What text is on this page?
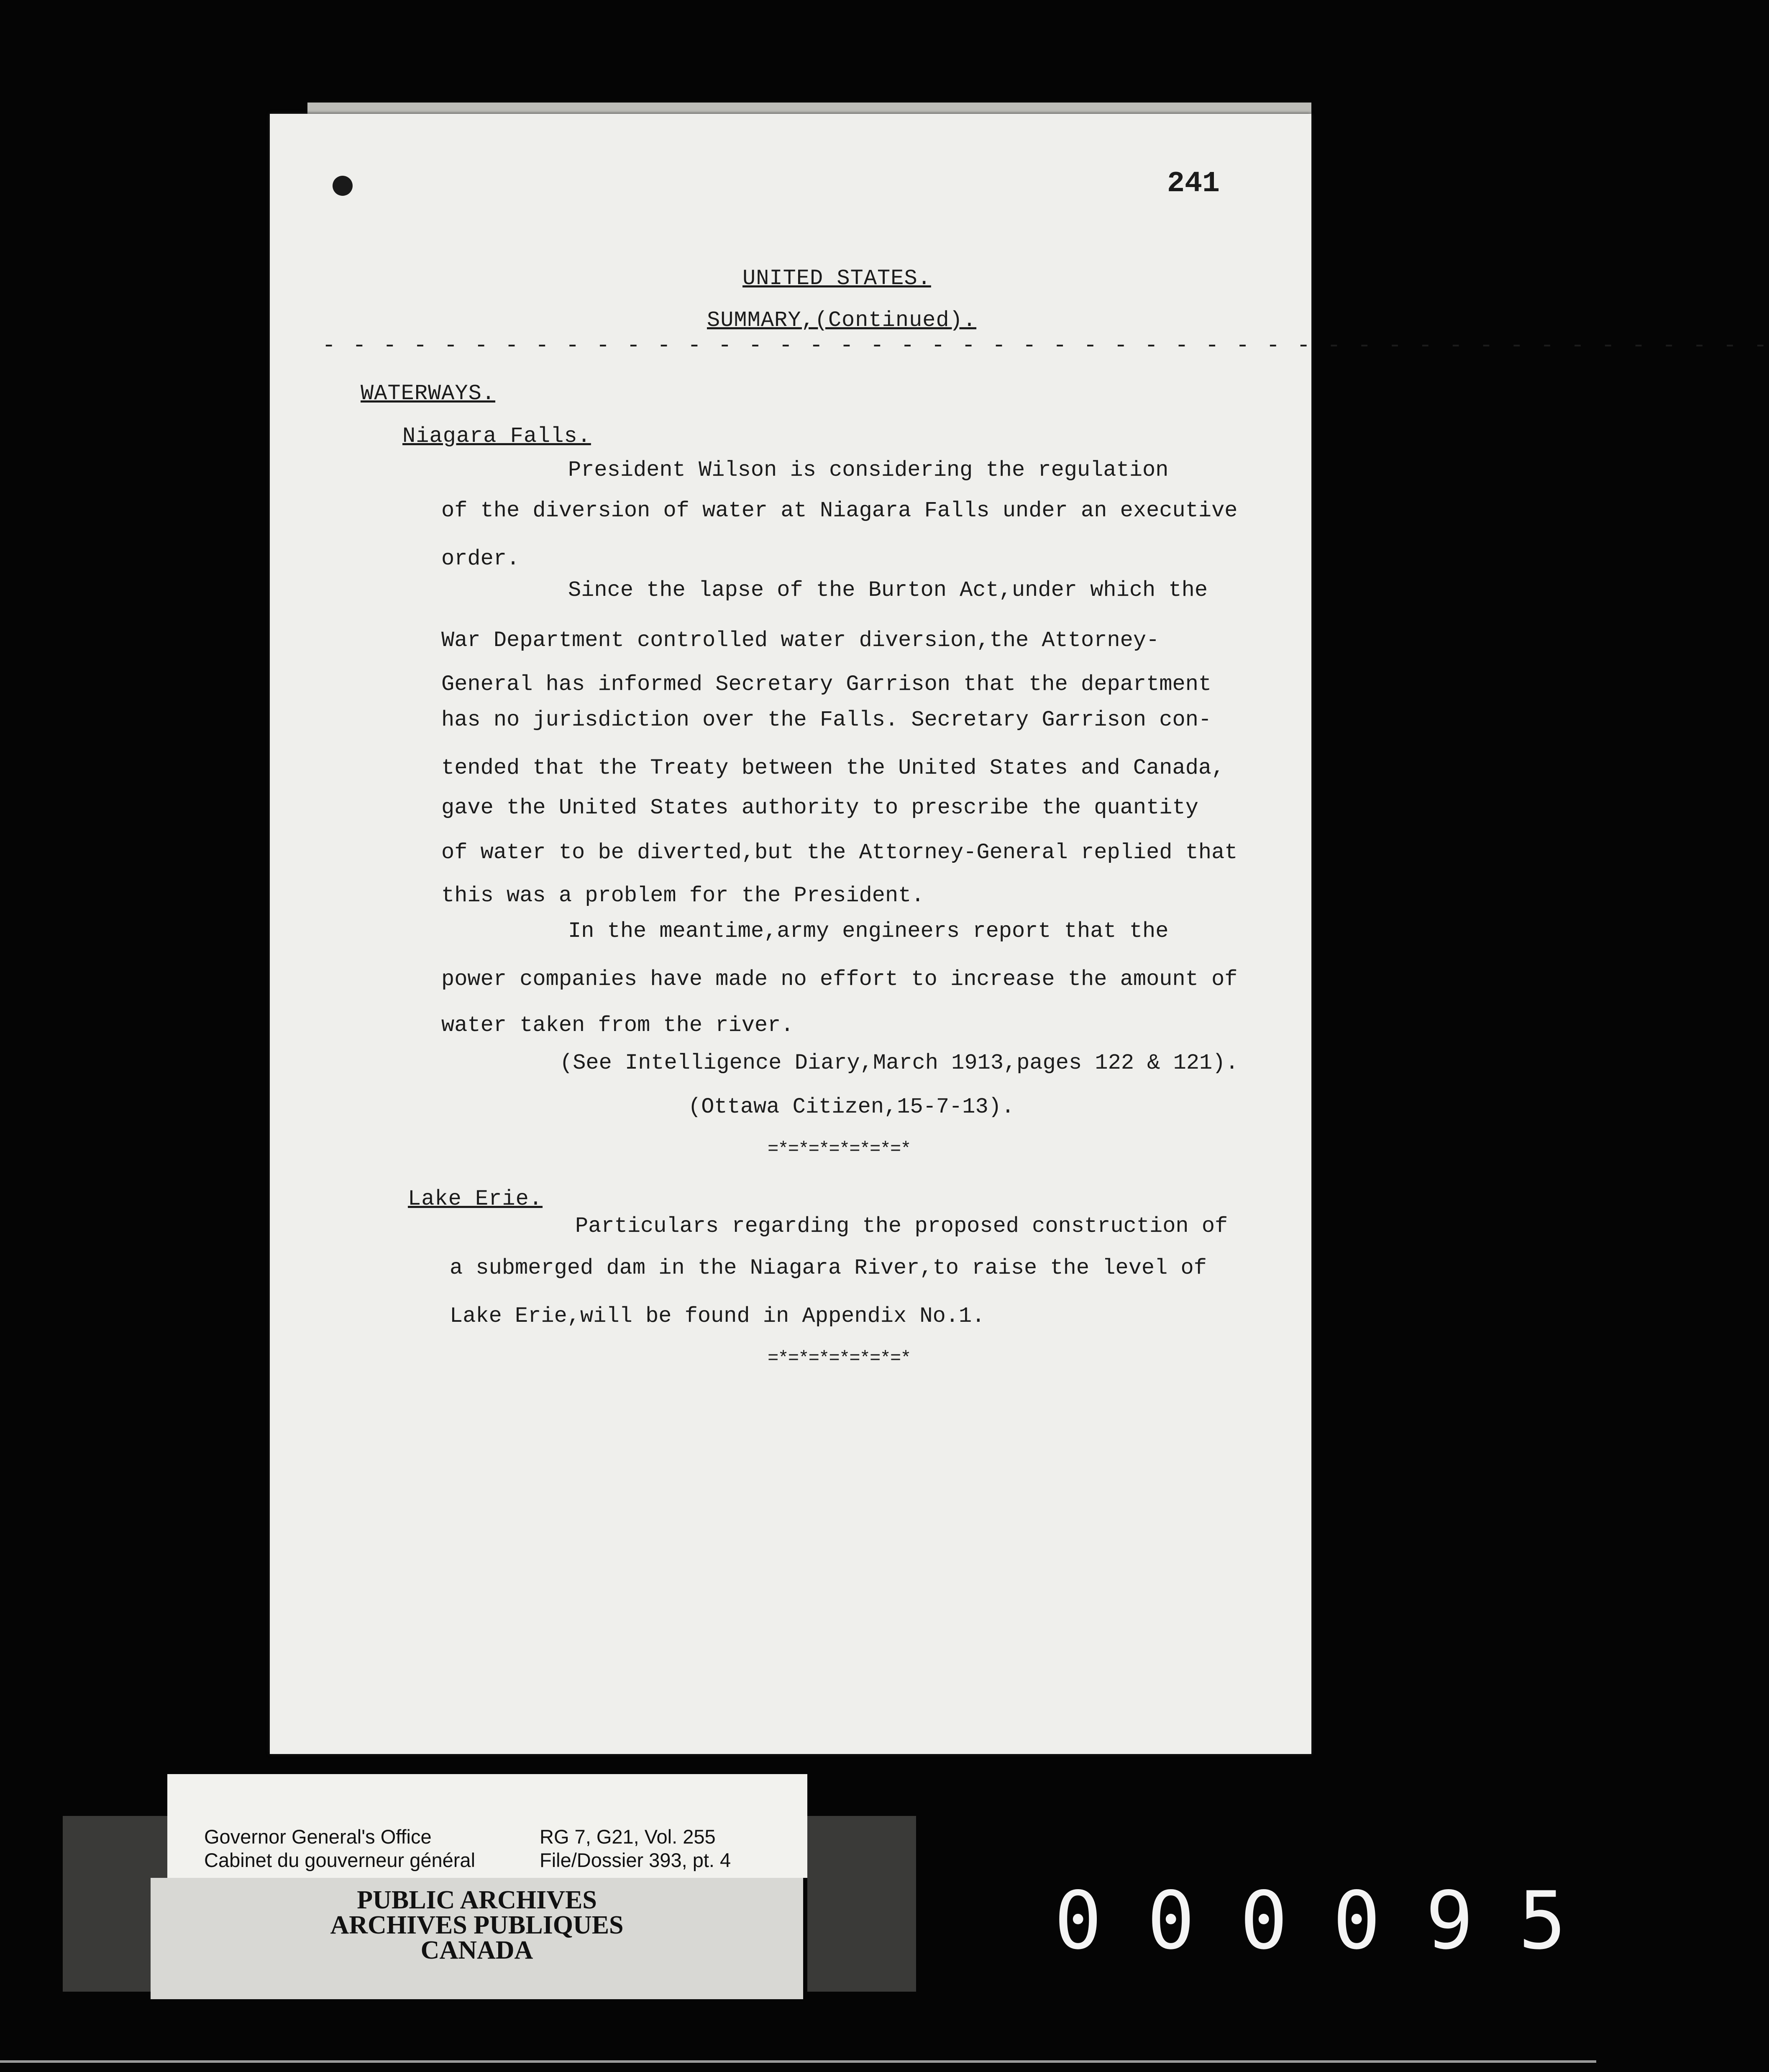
241
UNITED STATES.
SUMMARY,(Continued).
- - - - - - - - - - - - - - - - - - - - - - - - - - - - - - - - - - - - - - - - - - - - - - - -
WATERWAYS.
Niagara Falls.
President Wilson is considering the regulation
of the diversion of water at Niagara Falls under an executive
order.
Since the lapse of the Burton Act,under which the
War Department controlled water diversion,the Attorney-
General has informed Secretary Garrison that the department
has no jurisdiction over the Falls. Secretary Garrison con-
tended that the Treaty between the United States and Canada,
gave the United States authority to prescribe the quantity
of water to be diverted,but the Attorney-General replied that
this was a problem for the President.
In the meantime,army engineers report that the
power companies have made no effort to increase the amount of
water taken from the river.
(See Intelligence Diary,March 1913,pages 122 & 121).
(Ottawa Citizen,15-7-13).
=*=*=*=*=*=*=*
Lake Erie.
Particulars regarding the proposed construction of
a submerged dam in the Niagara River,to raise the level of
Lake Erie,will be found in Appendix No.1.
=*=*=*=*=*=*=*
Governor General's Office
Cabinet du gouverneur général
RG 7, G21, Vol. 255
File/Dossier 393, pt. 4
PUBLIC ARCHIVES
ARCHIVES PUBLIQUES
CANADA	0 0 0 0 9 5
